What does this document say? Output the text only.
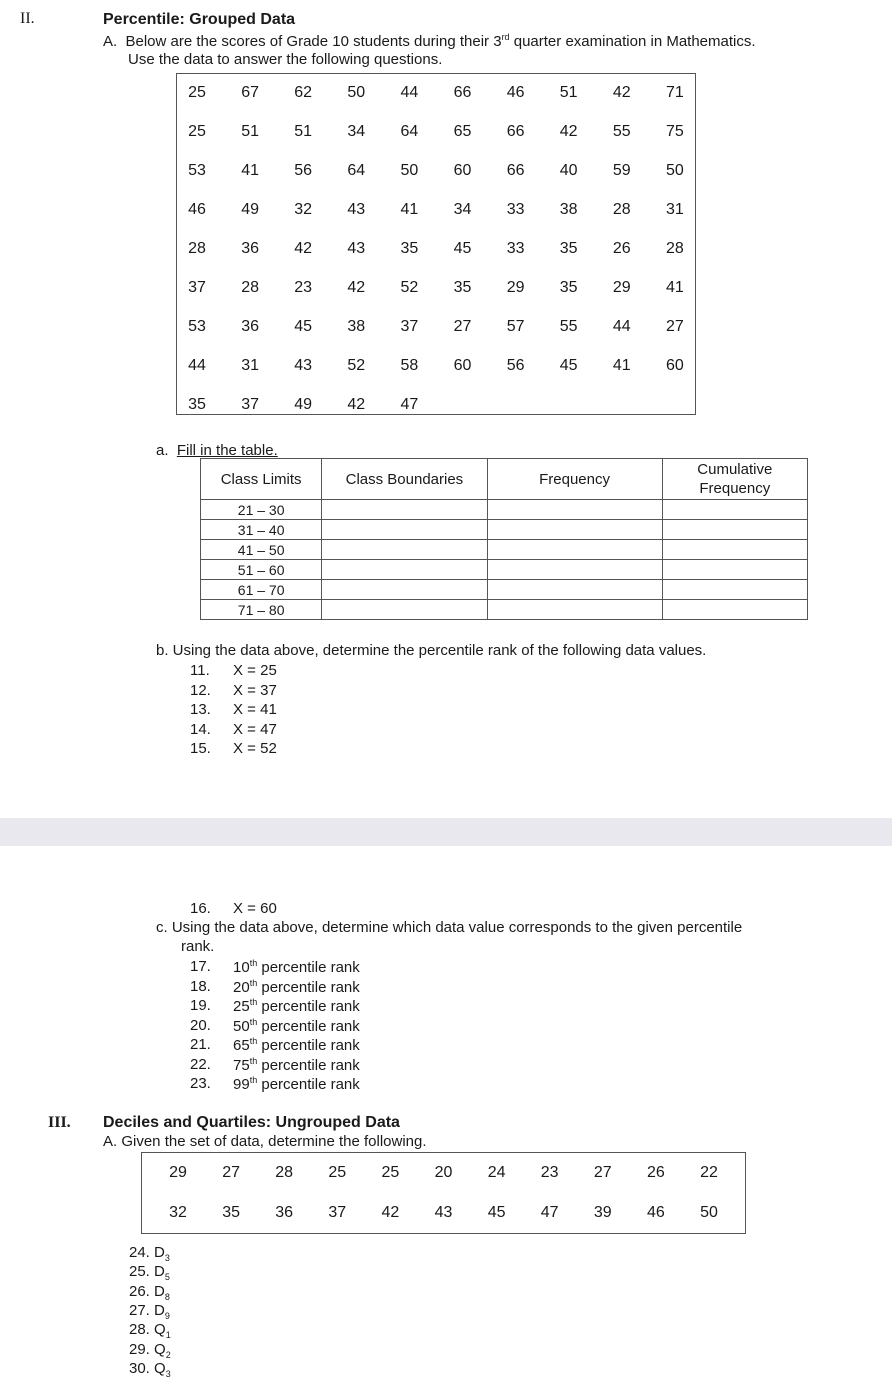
II.	Percentile: Grouped Data
A.  Below are the scores of Grade 10 students during their 3rd quarter examination in Mathematics.
Use the data to answer the following questions.
a.  Fill in the table.
Class Limits	Class Boundaries	Frequency	Cumulative
Frequency
21 – 30			
31 – 40			
41 – 50			
51 – 60			
61 – 70			
71 – 80			
b. Using the data above, determine the percentile rank of the following data values.
25	67	62	50	44	66	46	51	42	71
25	51	51	34	64	65	66	42	55	75
53	41	56	64	50	60	66	40	59	50
46	49	32	43	41	34	33	38	28	31
28	36	42	43	35	45	33	35	26	28
37	28	23	42	52	35	29	35	29	41
53	36	45	38	37	27	57	55	44	27
44	31	43	52	58	60	56	45	41	60
35	37	49	42	47
11. X = 25
12. X = 37
13. X = 41
14. X = 47
15. X = 52
16. X = 60
c. Using the data above, determine which data value corresponds to the given percentile
rank.
III. Deciles and Quartiles: Ungrouped Data
A. Given the set of data, determine the following.
17. 10th percentile rank
18. 20th percentile rank
19. 25th percentile rank
20. 50th percentile rank
21. 65th percentile rank
22. 75th percentile rank
23. 99th percentile rank
29	27	28	25	25	20	24	23	27	26	22
32	35	36	37	42	43	45	47	39	46	50
24. $D_3$
25. $D_5$
26. $D_8$
27. $D_9$
28. $Q_1$
29. $Q_2$
30. $Q_3$
